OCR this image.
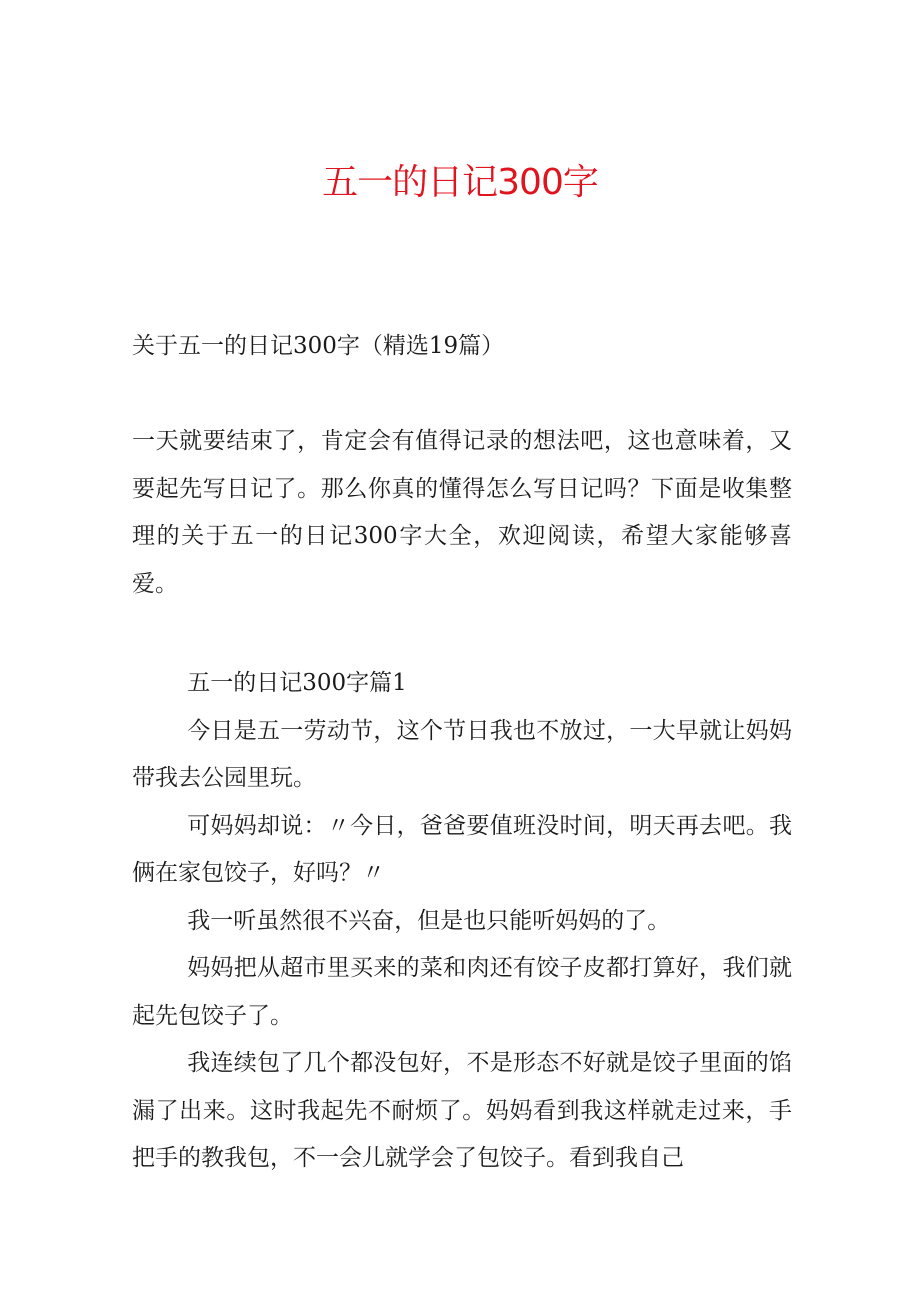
五一的日记300字

关于五一的日记300字（精选19篇）

一天就要结束了，肯定会有值得记录的想法吧，这也意味着，又要起先写日记了。那么你真的懂得怎么写日记吗？下面是收集整理的关于五一的日记300字大全，欢迎阅读，希望大家能够喜爱。

五一的日记300字篇1

今日是五一劳动节，这个节日我也不放过，一大早就让妈妈带我去公园里玩。

可妈妈却说：〃今日，爸爸要值班没时间，明天再去吧。我俩在家包饺子，好吗？〃

我一听虽然很不兴奋，但是也只能听妈妈的了。

妈妈把从超市里买来的菜和肉还有饺子皮都打算好，我们就起先包饺子了。

我连续包了几个都没包好，不是形态不好就是饺子里面的馅漏了出来。这时我起先不耐烦了。妈妈看到我这样就走过来，手把手的教我包，不一会儿就学会了包饺子。看到我自己
